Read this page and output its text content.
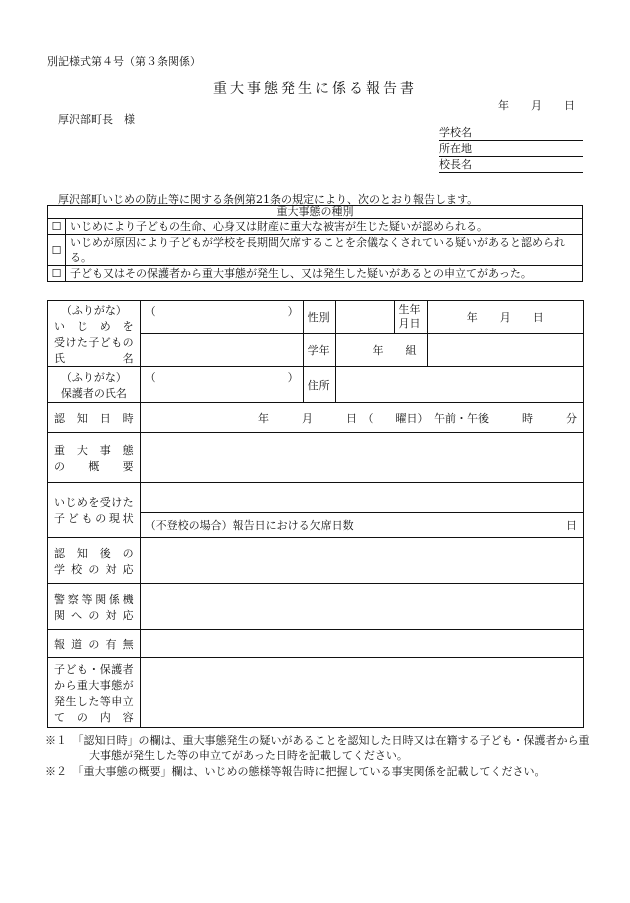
別記様式第４号（第３条関係）
重大事態発生に係る報告書
年　　月　　日
厚沢部町長　様
学校名
所在地
校長名
厚沢部町いじめの防止等に関する条例第21条の規定により、次のとおり報告します。
重大事態の種別	
☐	いじめにより子どもの生命、心身又は財産に重大な被害が生じた疑いが認められる。
☐	いじめが原因により子どもが学校を長期間欠席することを余儀なくされている疑いがあると認められる。
☐	子ども又はその保護者から重大事態が発生し、又は発生した疑いがあるとの申立てがあった。
（ふりがな）
いじめを
受けた子どもの
氏名	（　　　　　　　　　　　　）	性別		生年月日	年　　月　　日
		学年	年　　組		

（ふりがな）
保護者の氏名	（　　　　　　　　　　　　）	住所			

認知日時	年　　　月　　　日　（　　曜日）　午前・午後　　　時　　　分				

重大事態
の概要					

いじめを受けた
子どもの現状					

	（不登校の場合）報告日における欠席日数 日				

認知後の
学校の対応					

警察等関係機
関への対応					

報道の有無					

子ども・保護者
から重大事態が
発生した等申立
ての内容					

※１　「認知日時」の欄は、重大事態発生の疑いがあることを認知した日時又は在籍する子ども・保護者から重大事態が発生した等の申立てがあった日時を記載してください。

※２　「重大事態の概要」欄は、いじめの態様等報告時に把握している事実関係を記載してください。
